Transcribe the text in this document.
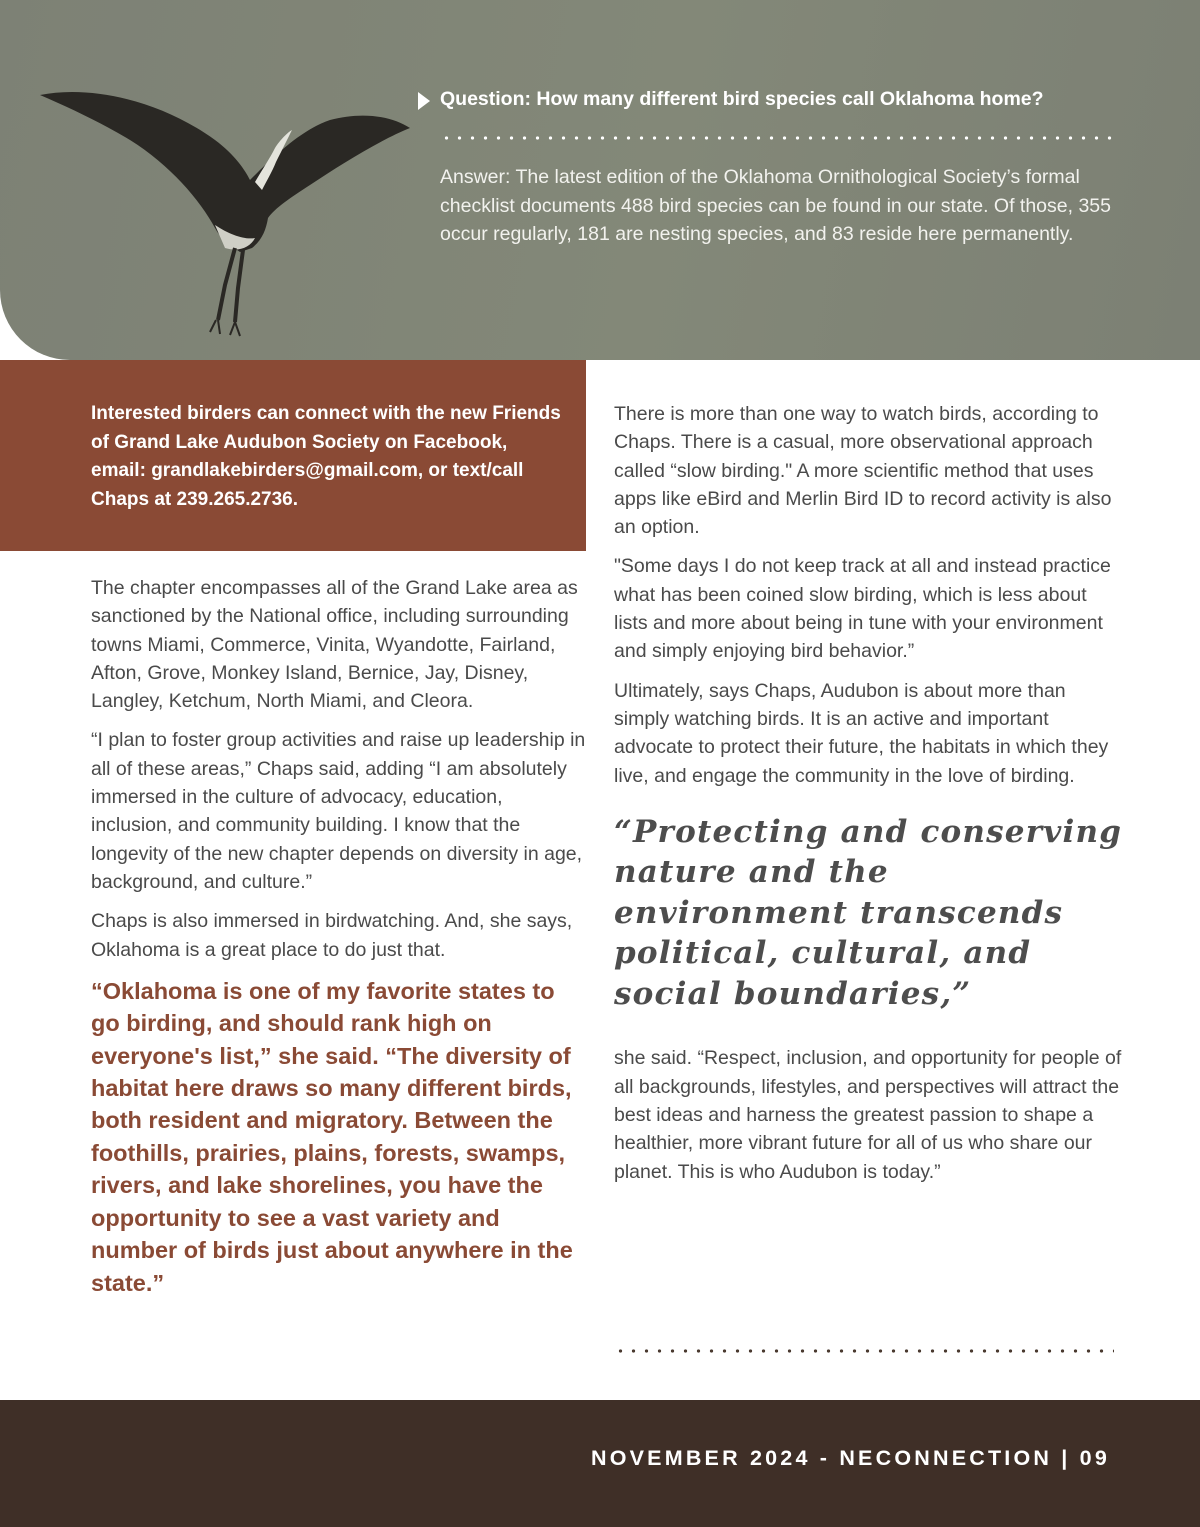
Question: How many different bird species call Oklahoma home?

Answer: The latest edition of the Oklahoma Ornithological Society’s formal checklist documents 488 bird species can be found in our state. Of those, 355 occur regularly, 181 are nesting species, and 83 reside here permanently.

Interested birders can connect with the new Friends of Grand Lake Audubon Society on Facebook, email: grandlakebirders@gmail.com, or text/call Chaps at 239.265.2736.

The chapter encompasses all of the Grand Lake area as sanctioned by the National office, including surrounding towns Miami, Commerce, Vinita, Wyandotte, Fairland, Afton, Grove, Monkey Island, Bernice, Jay, Disney, Langley, Ketchum, North Miami, and Cleora.

“I plan to foster group activities and raise up leadership in all of these areas,” Chaps said, adding “I am absolutely immersed in the culture of advocacy, education, inclusion, and community building. I know that the longevity of the new chapter depends on diversity in age, background, and culture.”

Chaps is also immersed in birdwatching. And, she says, Oklahoma is a great place to do just that.

“Oklahoma is one of my favorite states to go birding, and should rank high on everyone's list,” she said. “The diversity of habitat here draws so many different birds, both resident and migratory. Between the foothills, prairies, plains, forests, swamps, rivers, and lake shorelines, you have the opportunity to see a vast variety and number of birds just about anywhere in the state.”

There is more than one way to watch birds, according to Chaps. There is a casual, more observational approach called “slow birding." A more scientific method that uses apps like eBird and Merlin Bird ID to record activity is also an option.

"Some days I do not keep track at all and instead practice what has been coined slow birding, which is less about lists and more about being in tune with your environment and simply enjoying bird behavior.”

Ultimately, says Chaps, Audubon is about more than simply watching birds. It is an active and important advocate to protect their future, the habitats in which they live, and engage the community in the love of birding.

“Protecting and conserving nature and the environment transcends political, cultural, and social boundaries,”

she said. “Respect, inclusion, and opportunity for people of all backgrounds, lifestyles, and perspectives will attract the best ideas and harness the greatest passion to shape a healthier, more vibrant future for all of us who share our planet. This is who Audubon is today.”

NOVEMBER 2024 - NECONNECTION | 09
